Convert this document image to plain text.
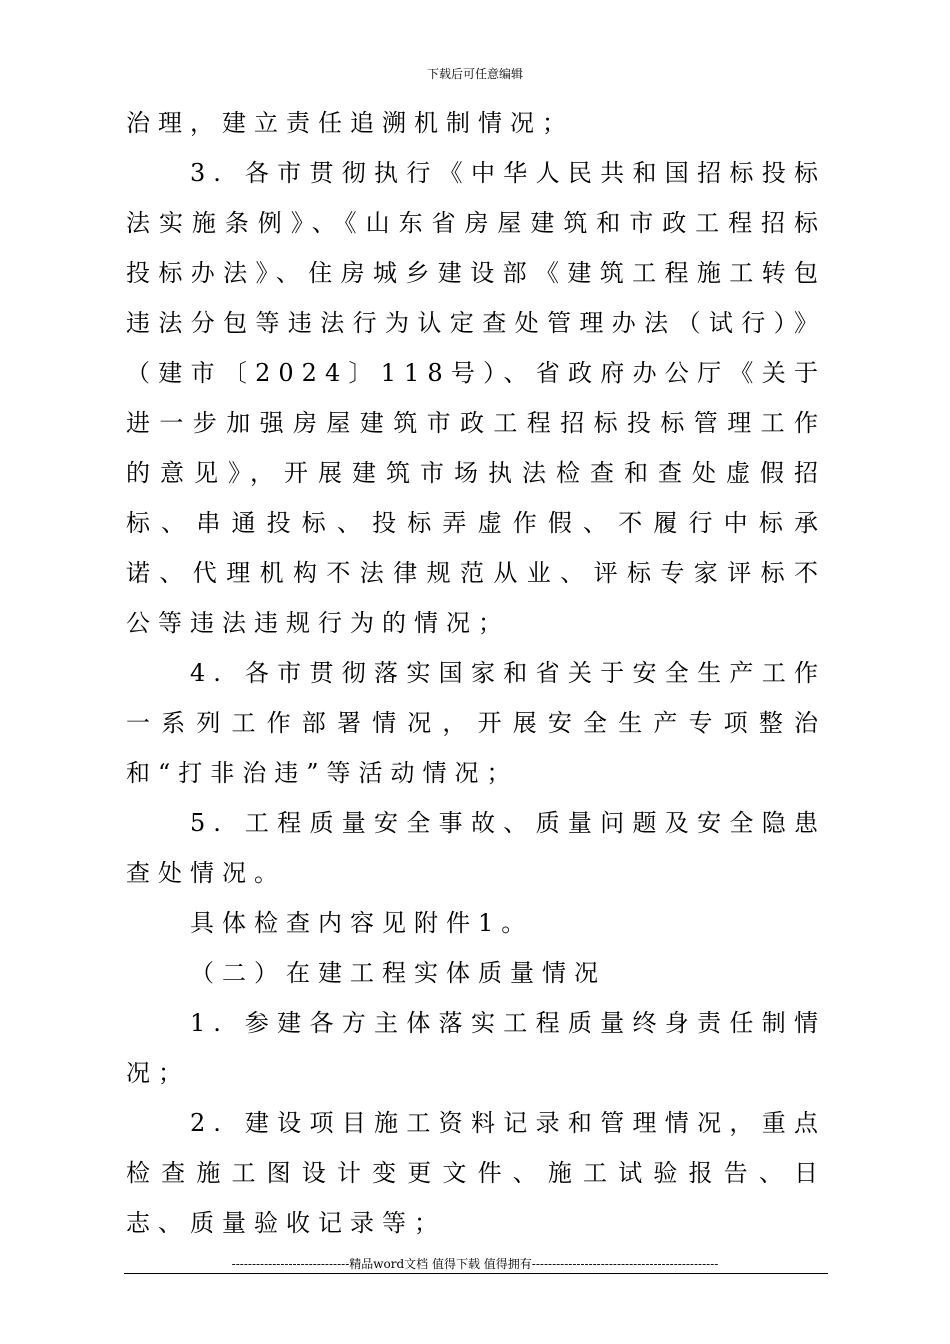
下载后可任意编辑

治理，建立责任追溯机制情况；

3. 各市贯彻执行《中华人民共和国招标投标法实施条例》、《山东省房屋建筑和市政工程招标投标办法》、住房城乡建设部《建筑工程施工转包违法分包等违法行为认定查处管理办法（试行）》（建市〔2024〕118号）、省政府办公厅《关于进一步加强房屋建筑市政工程招标投标管理工作的意见》，开展建筑市场执法检查和查处虚假招标、串通投标、投标弄虚作假、不履行中标承诺、代理机构不法律规范从业、评标专家评标不公等违法违规行为的情况；

4. 各市贯彻落实国家和省关于安全生产工作一系列工作部署情况，开展安全生产专项整治和“打非治违”等活动情况；

5. 工程质量安全事故、质量问题及安全隐患查处情况。

具体检查内容见附件1。

（二）在建工程实体质量情况

1. 参建各方主体落实工程质量终身责任制情况；

2. 建设项目施工资料记录和管理情况，重点检查施工图设计变更文件、施工试验报告、日志、质量验收记录等；

-----------------------------精品word文档 值得下载 值得拥有----------------------------------------------
